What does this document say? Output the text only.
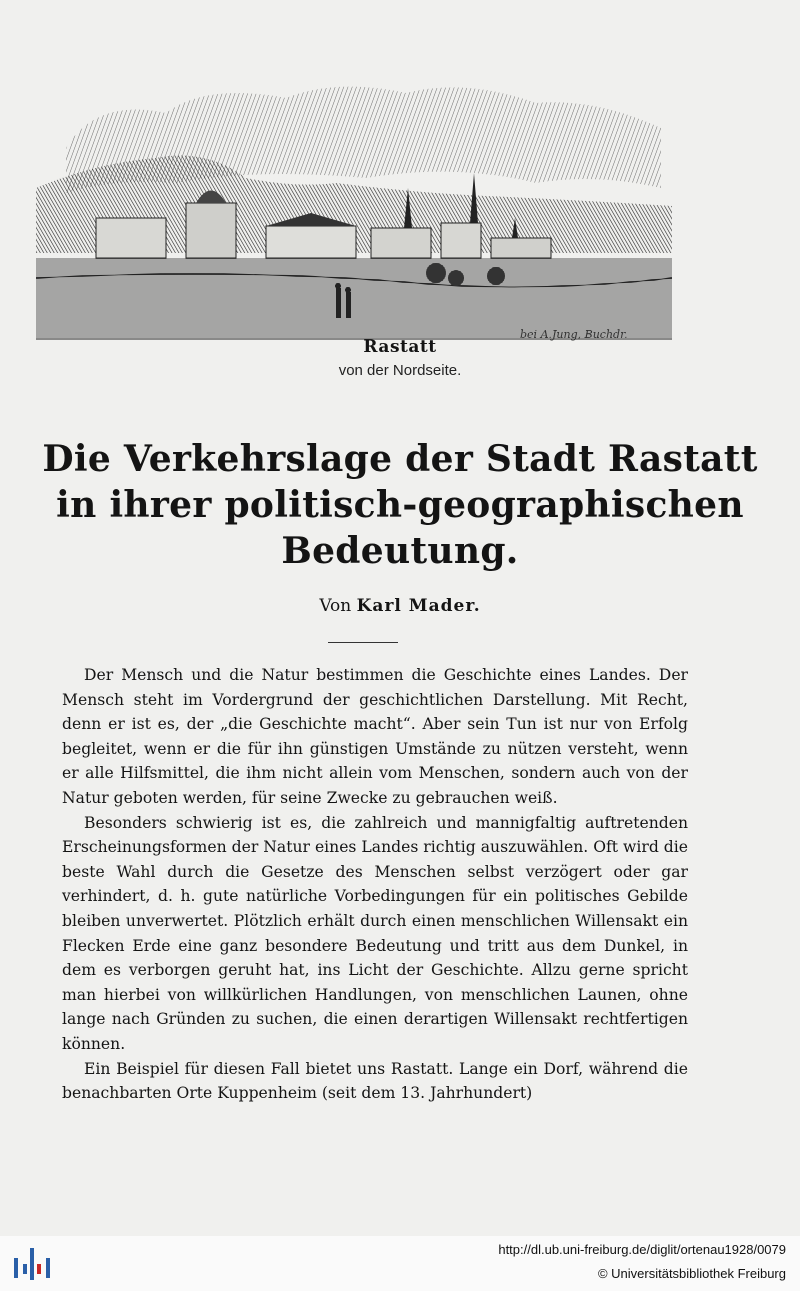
bei A.Jung, Buchdr.
Rastatt
von der Nordseite.
Die Verkehrslage der Stadt Rastatt in ihrer politisch-geographischen Bedeutung.
Von Karl Mader.

Der Mensch und die Natur bestimmen die Geschichte eines Landes. Der Mensch steht im Vordergrund der geschichtlichen Darstellung. Mit Recht, denn er ist es, der „die Geschichte macht“. Aber sein Tun ist nur von Erfolg begleitet, wenn er die für ihn günstigen Umstände zu nützen versteht, wenn er alle Hilfsmittel, die ihm nicht allein vom Menschen, sondern auch von der Natur geboten werden, für seine Zwecke zu gebrauchen weiß.

Besonders schwierig ist es, die zahlreich und mannigfaltig auftretenden Erscheinungsformen der Natur eines Landes richtig auszuwählen. Oft wird die beste Wahl durch die Gesetze des Menschen selbst verzögert oder gar verhindert, d. h. gute natürliche Vorbedingungen für ein politisches Gebilde bleiben unverwertet. Plötzlich erhält durch einen menschlichen Willensakt ein Flecken Erde eine ganz besondere Bedeutung und tritt aus dem Dunkel, in dem es verborgen geruht hat, ins Licht der Geschichte. Allzu gerne spricht man hierbei von willkürlichen Handlungen, von menschlichen Launen, ohne lange nach Gründen zu suchen, die einen derartigen Willensakt rechtfertigen können.

Ein Beispiel für diesen Fall bietet uns Rastatt. Lange ein Dorf, während die benachbarten Orte Kuppenheim (seit dem 13. Jahrhundert)

http://dl.ub.uni-freiburg.de/diglit/ortenau1928/0079
© Universitätsbibliothek Freiburg
